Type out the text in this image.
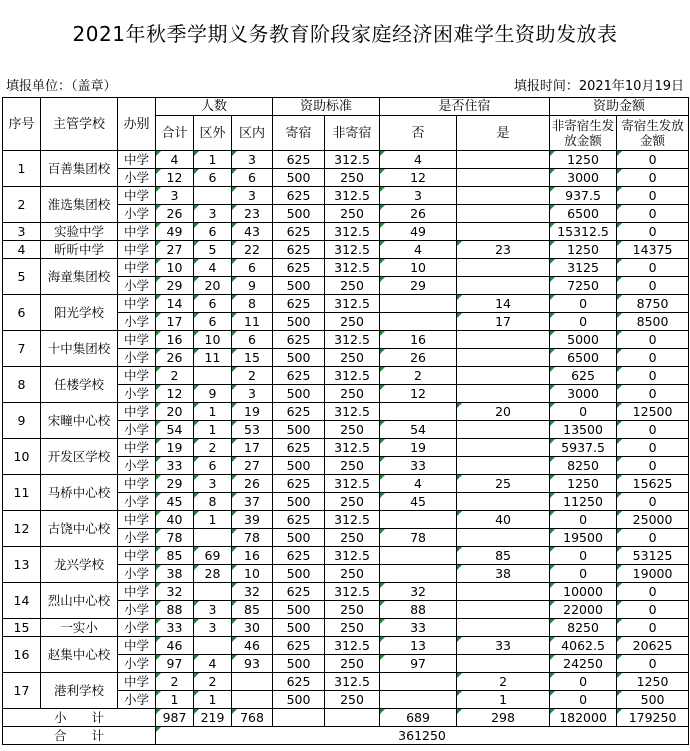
2021年秋季学期义务教育阶段家庭经济困难学生资助发放表
填报单位：（盖章）	填报时间：2021年10月19日
序号	主管学校	办别	人数			资助标准		是否住宿		资助金额	
			合计	区外	区内	寄宿	非寄宿	否	是	非寄宿生发放金额	寄宿生发放金额
1	百善集团校	中学	4	1	3	625	312.5	4		1250	0
		小学	12	6	6	500	250	12		3000	0
2	淮选集团校	中学	3		3	625	312.5	3		937.5	0
		小学	26	3	23	500	250	26		6500	0
3	实验中学	中学	49	6	43	625	312.5	49		15312.5	0
4	昕昕中学	中学	27	5	22	625	312.5	4	23	1250	14375
5	海童集团校	中学	10	4	6	625	312.5	10		3125	0
		小学	29	20	9	500	250	29		7250	0
6	阳光学校	中学	14	6	8	625	312.5		14	0	8750
		小学	17	6	11	500	250		17	0	8500
7	十中集团校	中学	16	10	6	625	312.5	16		5000	0
		小学	26	11	15	500	250	26		6500	0
8	任楼学校	中学	2		2	625	312.5	2		625	0
		小学	12	9	3	500	250	12		3000	0
9	宋疃中心校	中学	20	1	19	625	312.5		20	0	12500
		小学	54	1	53	500	250	54		13500	0
10	开发区学校	中学	19	2	17	625	312.5	19		5937.5	0
		小学	33	6	27	500	250	33		8250	0
11	马桥中心校	中学	29	3	26	625	312.5	4	25	1250	15625
		小学	45	8	37	500	250	45		11250	0
12	古饶中心校	中学	40	1	39	625	312.5		40	0	25000
		小学	78		78	500	250	78		19500	0
13	龙兴学校	中学	85	69	16	625	312.5		85	0	53125
		小学	38	28	10	500	250		38	0	19000
14	烈山中心校	中学	32		32	625	312.5	32		10000	0
		小学	88	3	85	500	250	88		22000	0
15	一实小	小学	33	3	30	500	250	33		8250	0
16	赵集中心校	中学	46		46	625	312.5	13	33	4062.5	20625
		小学	97	4	93	500	250	97		24250	0
17	港利学校	中学	2	2		625	312.5		2	0	1250
		小学	1	1		500	250		1	0	500
小　　计			987	219	768			689	298	182000	179250
合　　计			361250								
